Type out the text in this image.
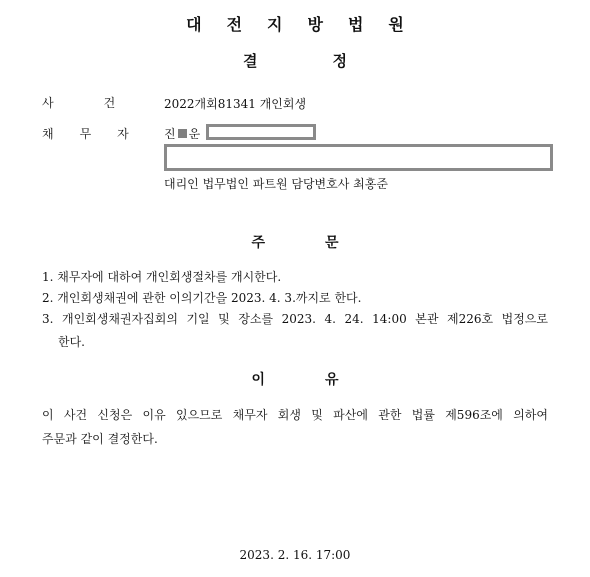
대전지방법원
결정
사건
2022개회81341 개인회생
채무자 진 운
대리인 법무법인 파트원 담당변호사 최홍준
주문
1. 채무자에 대하여 개인회생절차를 개시한다.
2. 개인회생채권에 관한 이의기간을 2023. 4. 3.까지로 한다.
3. 개인회생채권자집회의 기일 및 장소를 2023. 4. 24. 14:00 본관 제226호 법정으로
한다.
이유
이 사건 신청은 이유 있으므로 채무자 회생 및 파산에 관한 법률 제596조에 의하여
주문과 같이 결정한다.
2023. 2. 16. 17:00
